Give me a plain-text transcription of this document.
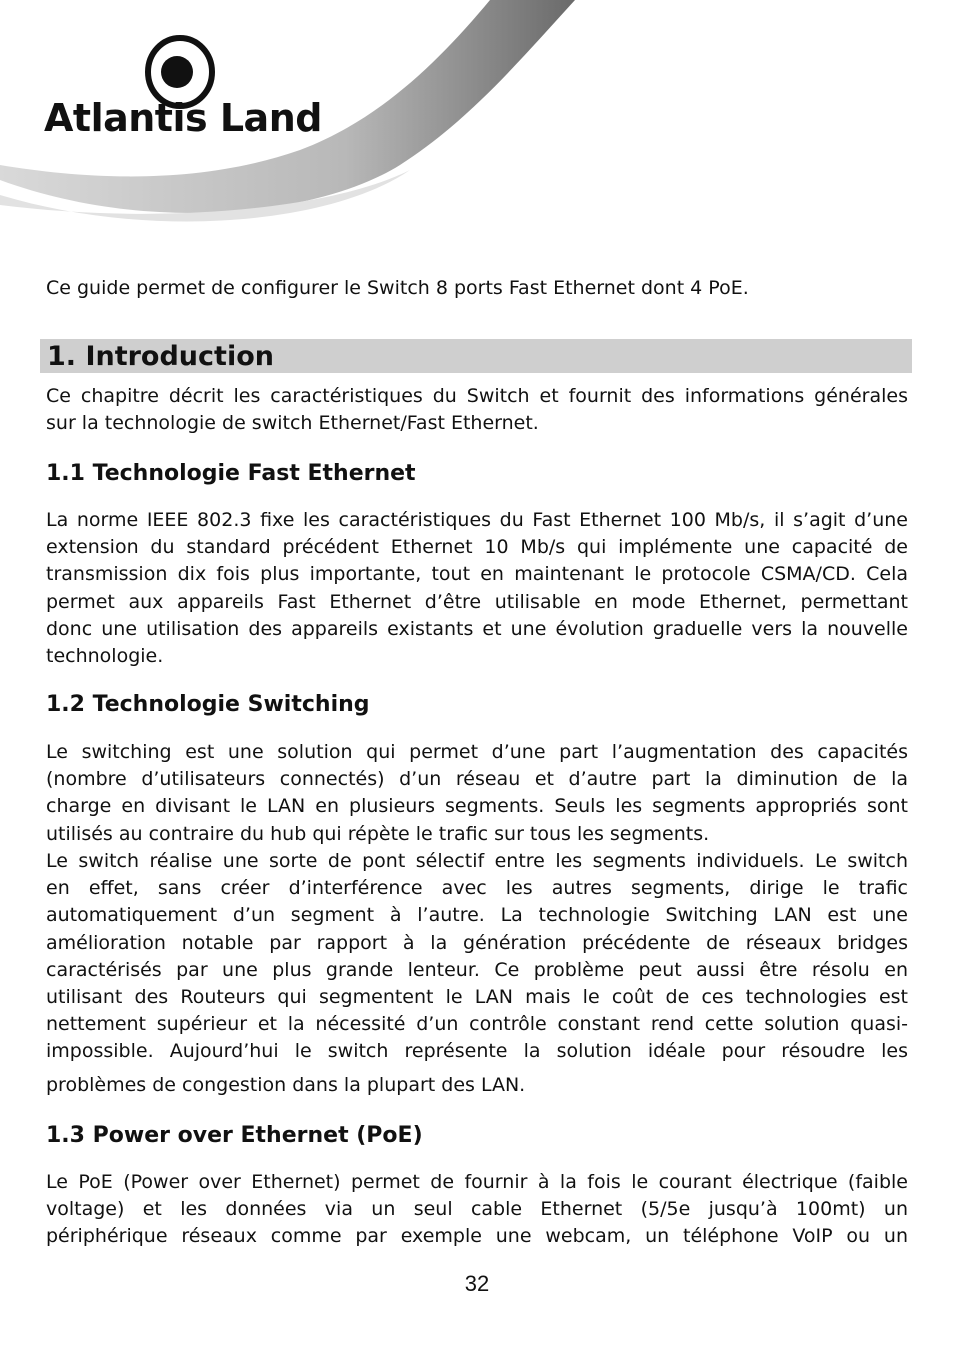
Atlantis Land
Ce guide permet de configurer le Switch 8 ports Fast Ethernet dont 4 PoE.
1. Introduction
Ce chapitre décrit les caractéristiques du Switch et fournit des informations générales
sur la technologie de switch Ethernet/Fast Ethernet.
1.1 Technologie Fast Ethernet
La norme IEEE 802.3 fixe les caractéristiques du Fast Ethernet 100 Mb/s, il s’agit d’une
extension du standard précédent Ethernet 10 Mb/s qui implémente une capacité de
transmission dix fois plus importante, tout en maintenant le protocole CSMA/CD. Cela
permet aux appareils Fast Ethernet d’être utilisable en mode Ethernet, permettant
donc une utilisation des appareils existants et une évolution graduelle vers la nouvelle
technologie.
1.2 Technologie Switching
Le switching est une solution qui permet d’une part l’augmentation des capacités
(nombre d’utilisateurs connectés) d’un réseau et d’autre part la diminution de la
charge en divisant le LAN en plusieurs segments. Seuls les segments appropriés sont
utilisés au contraire du hub qui répète le trafic sur tous les segments.
Le switch réalise une sorte de pont sélectif entre les segments individuels. Le switch
en effet, sans créer d’interférence avec les autres segments, dirige le trafic
automatiquement d’un segment à l’autre. La technologie Switching LAN est une
amélioration notable par rapport à la génération précédente de réseaux bridges
caractérisés par une plus grande lenteur. Ce problème peut aussi être résolu en
utilisant des Routeurs qui segmentent le LAN mais le coût de ces technologies est
nettement supérieur et la nécessité d’un contrôle constant rend cette solution quasi-
impossible. Aujourd’hui le switch représente la solution idéale pour résoudre les
problèmes de congestion dans la plupart des LAN.
1.3 Power over Ethernet (PoE)
Le PoE (Power over Ethernet) permet de fournir à la fois le courant électrique (faible
voltage) et les données via un seul cable Ethernet (5/5e jusqu’à 100mt) un
périphérique réseaux comme par exemple une webcam, un téléphone VoIP ou un
32
